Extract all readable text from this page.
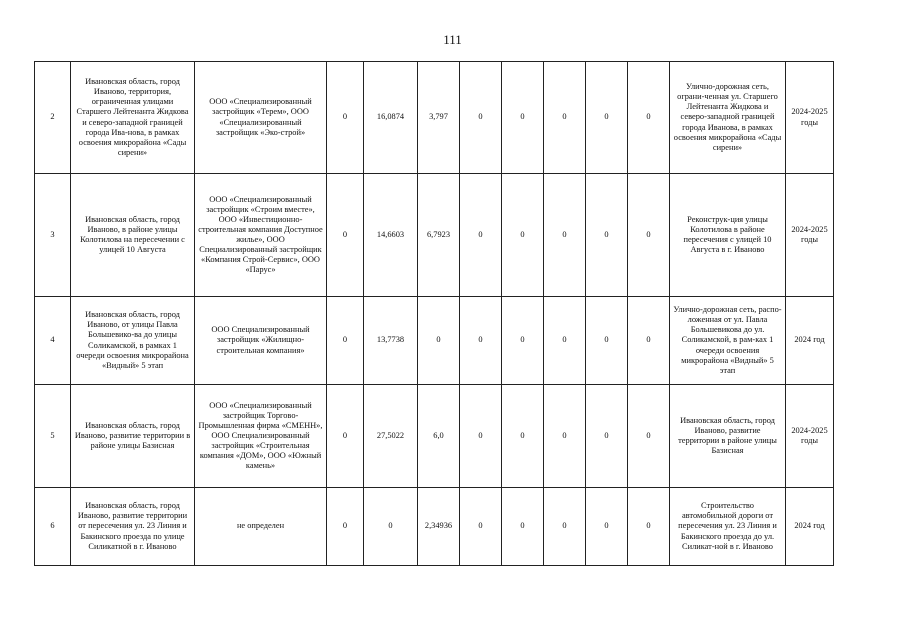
111
2	Ивановская область, город Иваново, территория, ограниченная улицами Старшего Лейтенанта Жидкова и северо-западной границей города Ива-нова, в рамках освоения микрорайона «Сады сирени»	ООО «Специализированный застройщик «Терем», ООО «Специализированный застройщик «Эко-строй»	0	16,0874	3,797	0	0	0	0	0	Улично-дорожная сеть, ограни-ченная ул. Старшего Лейтенанта Жидкова и северо-западной границей города Иванова, в рамках освоения микрорайона «Сады сирени»	2024-2025 годы
3	Ивановская область, город Иваново, в районе улицы Колотилова на пересечении с улицей 10 Августа	ООО «Специализированный застройщик «Строим вместе», ООО «Инвестиционно-строительная компания Доступное жилье», ООО Специализированный застройщик «Компания Строй-Сервис», ООО «Парус»	0	14,6603	6,7923	0	0	0	0	0	Реконструк-ция улицы Колотилова в районе пересечения с улицей 10 Августа в г. Иваново	2024-2025 годы
4	Ивановская область, город Иваново, от улицы Павла Большевико-ва до улицы Соликамской, в рамках 1 очереди освоения микрорайона «Видный» 5 этап	ООО Специализированный застройщик «Жилищно-строительная компания»	0	13,7738	0	0	0	0	0	0	Улично-дорожная сеть, распо-ложенная от ул. Павла Большевикова до ул. Соликамской, в рам-ках 1 очереди освоения микрорайона «Видный» 5 этап	2024 год
5	Ивановская область, город Иваново, развитие территории в районе улицы Базисная	ООО «Специализированный застройщик Торгово-Промышленная фирма «СМЕНН», ООО Специализированный застройщик «Строительная компания «ДОМ», ООО «Южный камень»	0	27,5022	6,0	0	0	0	0	0	Ивановская область, город Иваново, развитие территории в районе улицы Базисная	2024-2025 годы
6	Ивановская область, город Иваново, развитие территории от пересечения ул. 23 Линия и Бакинского проезда по улице Силикатной в г. Иваново	не определен	0	0	2,34936	0	0	0	0	0	Строительство автомобильной дороги от пересечения ул. 23 Линия и Бакинского проезда до ул. Силикат-ной в г. Иваново	2024 год
